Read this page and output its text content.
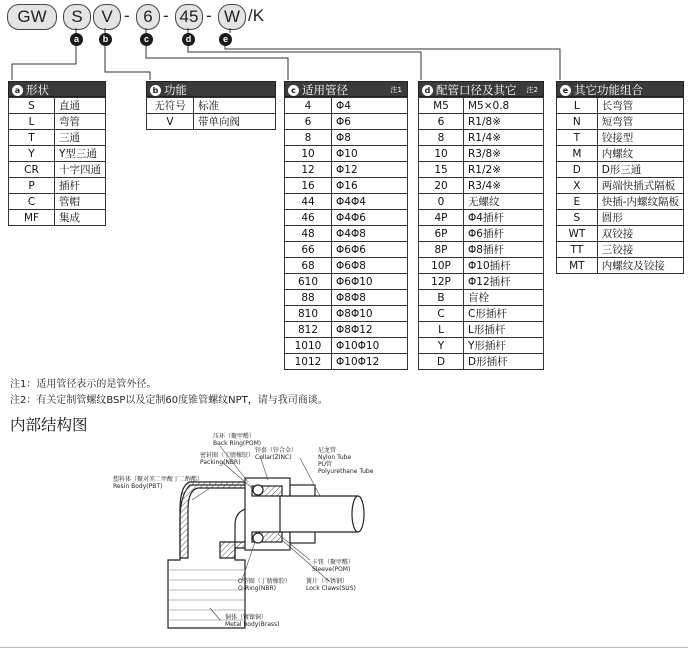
GW	S	V - 6 - 45 - W /K
a	b	c	d	e
a 形状
S	直通
L	弯管
T	三通
Y	Y型三通
CR	十字四通
P	插杆
C	管帽
MF	集成
b 功能
无符号	标准
V	带单向阀
c 适用管径	注1
4	Φ4
6	Φ6
8	Φ8
10	Φ10
12	Φ12
16	Φ16
44	Φ4Φ4
46	Φ4Φ6
48	Φ4Φ8
66	Φ6Φ6
68	Φ6Φ8
610	Φ6Φ10
88	Φ8Φ8
810	Φ8Φ10
812	Φ8Φ12
1010	Φ10Φ10
1012	Φ10Φ12
d 配管口径及其它 注2
M5	M5×0.8
6	R1/8※
8	R1/4※
10	R3/8※
15	R1/2※
20	R3/4※
0	无螺纹
4P	Φ4插杆
6P	Φ6插杆
8P	Φ8插杆
10P	Φ10插杆
12P	Φ12插杆
B	盲栓
C	C形插杆
L	L形插杆
Y	Y形插杆
D	D形插杆
e 其它功能组合
L	长弯管
N	短弯管
T	铰接型
M	内螺纹
D	D形三通
X	两端快插式隔板
E	快插-内螺纹隔板
S	圆形
WT	双铰接
TT	三铰接
MT	内螺纹及铰接
注1：适用管径表示的是管外径。
注2：有关定制管螺纹BSP以及定制60度锥管螺纹NPT，请与我司商谈。
内部结构图
压环（聚甲醛）
Back Ring(POM)
密封圈（丁腈橡胶）
Packing(NBR)
锌套（锌合金）
Collar(ZINC)
尼龙管
Nylon Tube
PU管
Polyurethane Tube
塑料体（聚对苯二甲酸丁二醇酯）
Resin Body(PBT)
卡钮（聚甲醛）
Sleeve(POM)
O型圈（丁腈橡胶）
O-Ring(NBR)
簧片（不锈钢）
Lock Claws(SUS)
铜体（镀镍铜）
Metal body(Brass)
